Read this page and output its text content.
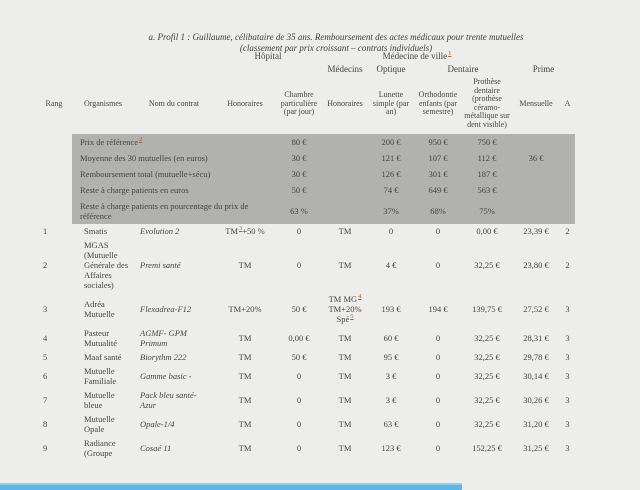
a. Profil 1 : Guillaume, célibataire de 35 ans. Remboursement des actes médicaux pour trente mutuelles
(classement par prix croissant – contrats individuels)
			Hôpital		Médecine de ville$^1$	
					Médecins	Optique	Dentaire		Prime	
Rang	Organismes	Nom du contrat	Honoraires	Chambre particulière (par jour)	Honoraires	Lunette simple (par an)	Orthodontie enfants (par semestre)	Prothèse dentaire (prothèse céramo-métallique sur dent visible)	Mensuelle	A
	Prix de référence$^2$			80 €		200 €	950 €	750 €		
	Moyenne des 30 mutuelles (en euros)			30 €		121 €	107 €	112 €	36 €	
	Remboursement total (mutuelle+sécu)			30 €		126 €	301 €	187 €		
	Reste à charge patients en euros			50 €		74 €	649 €	563 €		
	Reste à charge patients en pourcentage du prix de référence			63 %		37%	68%	75%		
1	Smatis	Evolution 2	TM$^3$+50 %	0	TM	0	0	0,00 €	23,39 €	2
2	MGAS
(Mutuelle
Générale des
Affaires
sociales)	Premi santé	TM	0	TM	4 €	0	32,25 €	23,80 €	2
3	Adréa
Mutuelle	Flexadrea-F12	TM+20%	50 €	TM MG$^4$
TM+20%
Spé$^5$	193 €	194 €	139,75 €	27,52 €	3
4	Pasteur
Mutualité	AGMF- GPM
Primum	TM	0,00 €	TM	60 €	0	32,25 €	28,31 €	3
5	Maaf santé	Biorythm 222	TM	50 €	TM	95 €	0	32,25 €	29,78 €	3
6	Mutuelle
Familiale	Gamme basic -	TM	0	TM	3 €	0	32,25 €	30,14 €	3
7	Mutuelle
bleue	Pack bleu santé-
Azur	TM	0	TM	3 €	0	32,25 €	30,26 €	3
8	Mutuelle
Opale	Opale-1/4	TM	0	TM	63 €	0	32,25 €	31,20 €	3
9	Radiance
(Groupe	Cosaé 11	TM	0	TM	123 €	0	152,25 €	31,25 €	3
